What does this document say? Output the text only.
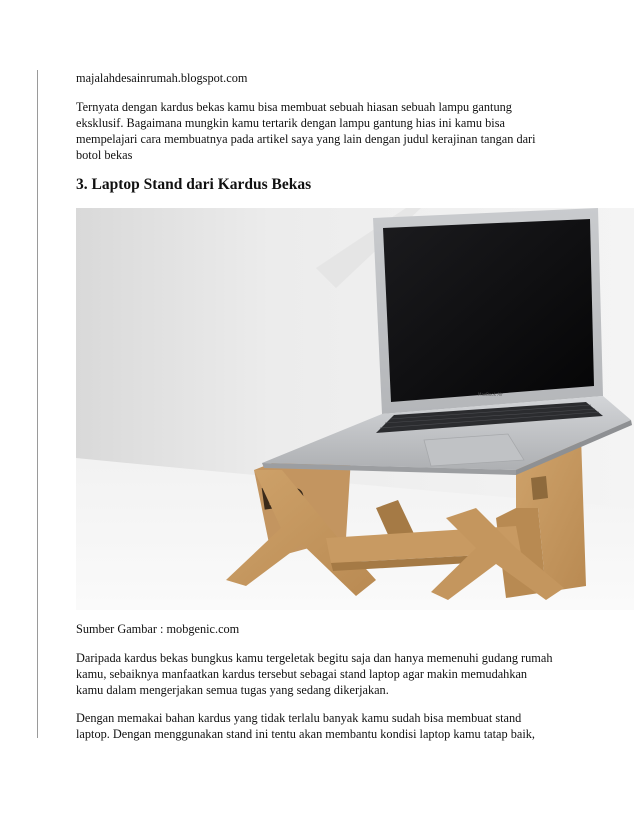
majalahdesainrumah.blogspot.com

Ternyata dengan kardus bekas kamu bisa membuat sebuah hiasan sebuah lampu gantung
eksklusif. Bagaimana mungkin kamu tertarik dengan lampu gantung hias ini kamu bisa
mempelajari cara membuatnya pada artikel saya yang lain dengan judul kerajinan tangan dari
botol bekas

3. Laptop Stand dari Kardus Bekas
MacBook Air

Sumber Gambar : mobgenic.com

Daripada kardus bekas bungkus kamu tergeletak begitu saja dan hanya memenuhi gudang rumah
kamu, sebaiknya manfaatkan kardus tersebut sebagai stand laptop agar makin memudahkan
kamu dalam mengerjakan semua tugas yang sedang dikerjakan.

Dengan memakai bahan kardus yang tidak terlalu banyak kamu sudah bisa membuat stand
laptop. Dengan menggunakan stand ini tentu akan membantu kondisi laptop kamu tatap baik,
